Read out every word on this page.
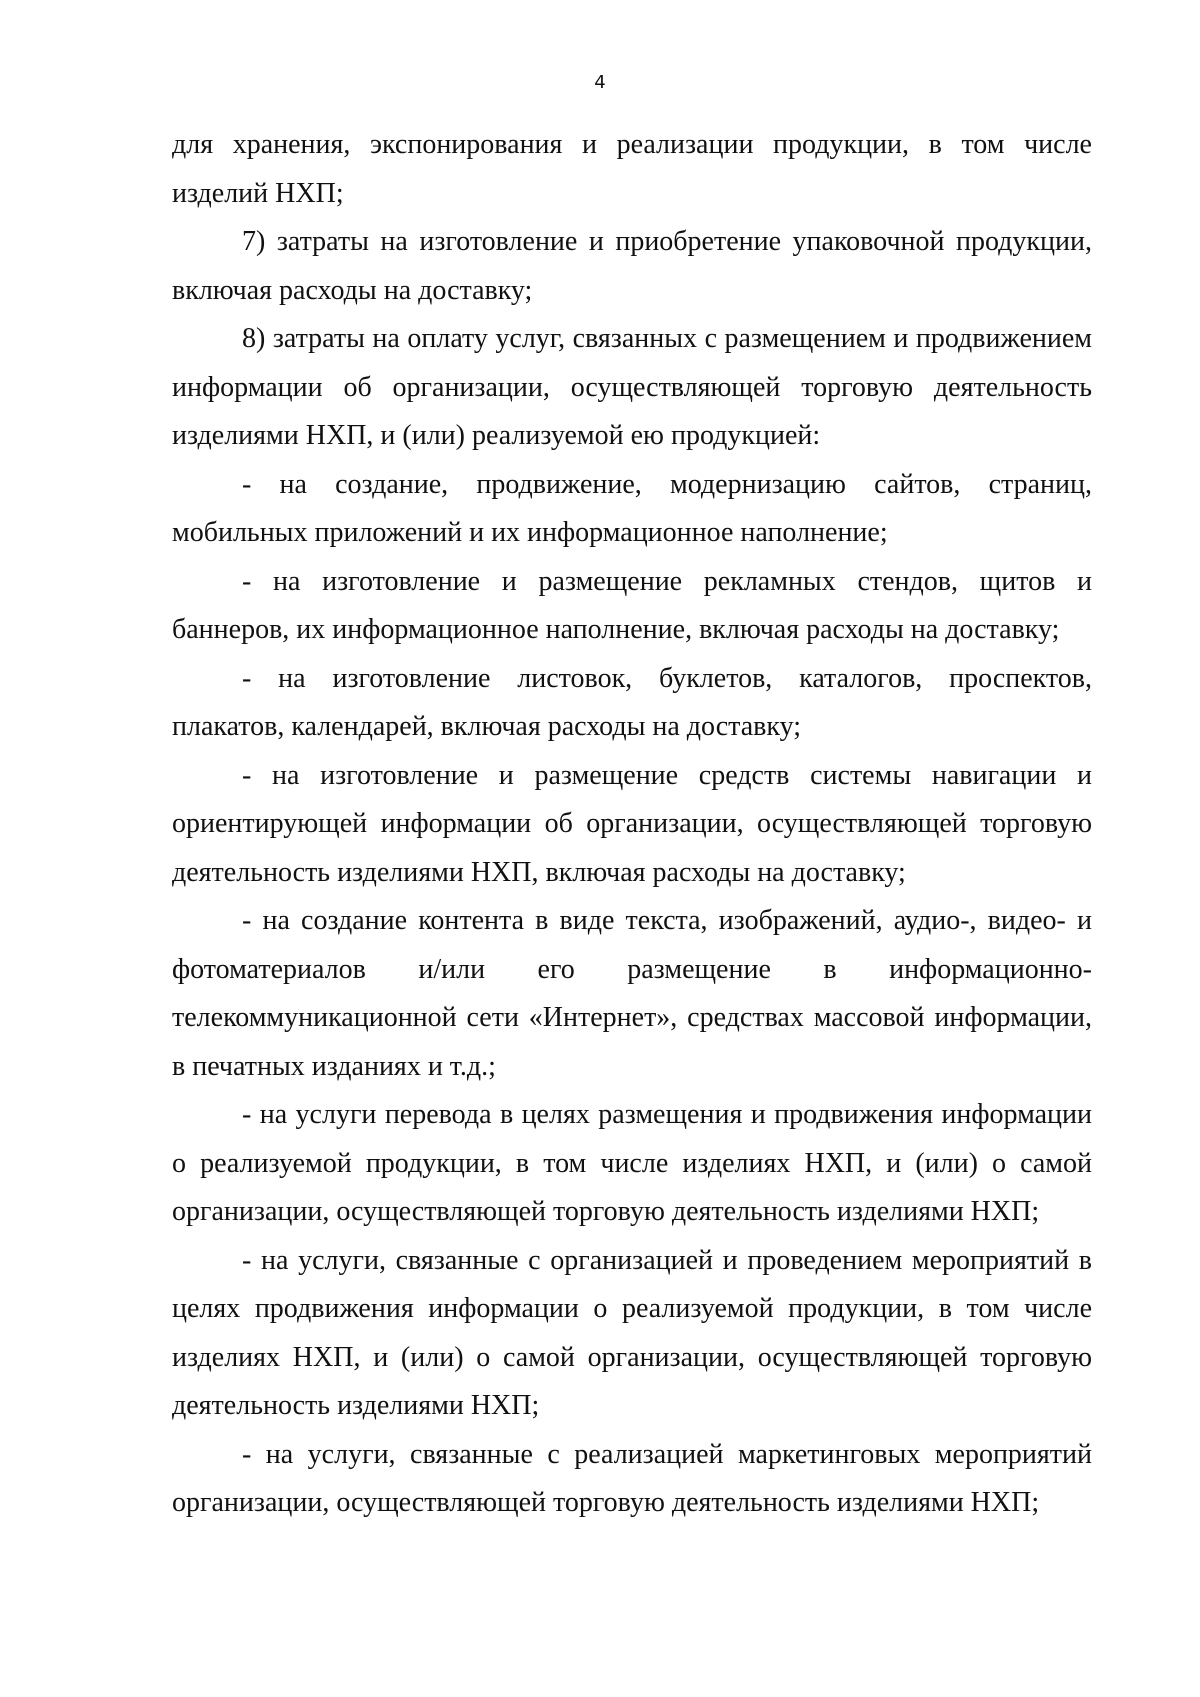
4

для хранения, экспонирования и реализации продукции, в том числе изделий НХП;

7) затраты на изготовление и приобретение упаковочной продукции, включая расходы на доставку;

8) затраты на оплату услуг, связанных с размещением и продвижением информации об организации, осуществляющей торговую деятельность изделиями НХП, и (или) реализуемой ею продукцией:

- на создание, продвижение, модернизацию сайтов, страниц, мобильных приложений и их информационное наполнение;

- на изготовление и размещение рекламных стендов, щитов и баннеров, их информационное наполнение, включая расходы на доставку;

- на изготовление листовок, буклетов, каталогов, проспектов, плакатов, календарей, включая расходы на доставку;

- на изготовление и размещение средств системы навигации и ориентирующей информации об организации, осуществляющей торговую деятельность изделиями НХП, включая расходы на доставку;

- на создание контента в виде текста, изображений, аудио-, видео- и фотоматериалов и/или его размещение в информационно-телекоммуникационной сети «Интернет», средствах массовой информации, в печатных изданиях и т.д.;

- на услуги перевода в целях размещения и продвижения информации о реализуемой продукции, в том числе изделиях НХП, и (или) о самой организации, осуществляющей торговую деятельность изделиями НХП;

- на услуги, связанные с организацией и проведением мероприятий в целях продвижения информации о реализуемой продукции, в том числе изделиях НХП, и (или) о самой организации, осуществляющей торговую деятельность изделиями НХП;

- на услуги, связанные с реализацией маркетинговых мероприятий организации, осуществляющей торговую деятельность изделиями НХП;
